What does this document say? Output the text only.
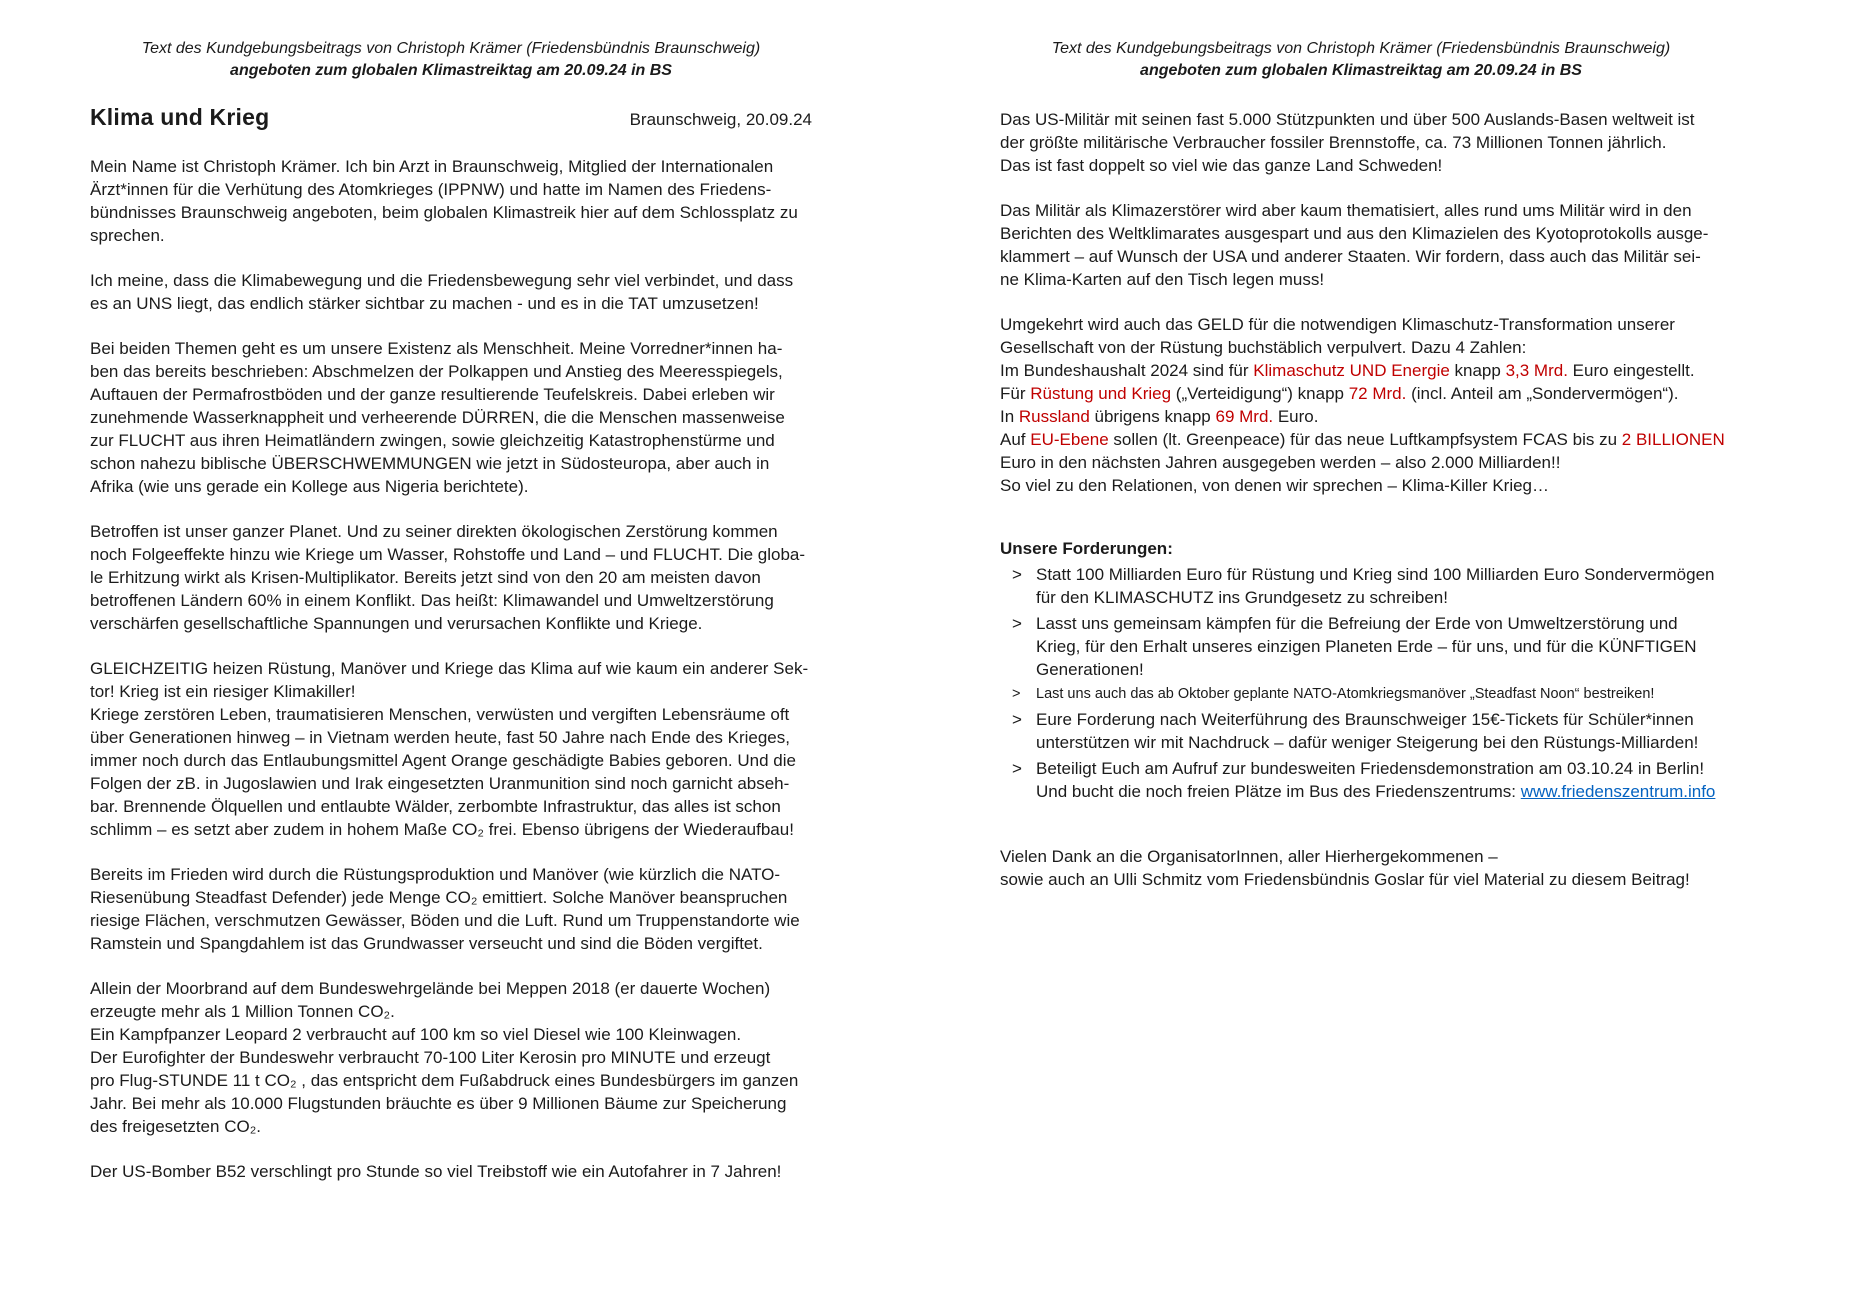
Text des Kundgebungsbeitrags von Christoph Krämer (Friedensbündnis Braunschweig)
angeboten zum globalen Klimastreiktag am 20.09.24 in BS
Klima und Krieg	Braunschweig, 20.09.24
Mein Name ist Christoph Krämer. Ich bin Arzt in Braunschweig, Mitglied der Internationalen
Ärzt*innen für die Verhütung des Atomkrieges (IPPNW) und hatte im Namen des Friedens-
bündnisses Braunschweig angeboten, beim globalen Klimastreik hier auf dem Schlossplatz zu
sprechen.
Ich meine, dass die Klimabewegung und die Friedensbewegung sehr viel verbindet, und dass
es an UNS liegt, das endlich stärker sichtbar zu machen - und es in die TAT umzusetzen!
Bei beiden Themen geht es um unsere Existenz als Menschheit. Meine Vorredner*innen ha-
ben das bereits beschrieben: Abschmelzen der Polkappen und Anstieg des Meeresspiegels,
Auftauen der Permafrostböden und der ganze resultierende Teufelskreis. Dabei erleben wir
zunehmende Wasserknappheit und verheerende DÜRREN, die die Menschen massenweise
zur FLUCHT aus ihren Heimatländern zwingen, sowie gleichzeitig Katastrophenstürme und
schon nahezu biblische ÜBERSCHWEMMUNGEN wie jetzt in Südosteuropa, aber auch in
Afrika (wie uns gerade ein Kollege aus Nigeria berichtete).
Betroffen ist unser ganzer Planet. Und zu seiner direkten ökologischen Zerstörung kommen
noch Folgeeffekte hinzu wie Kriege um Wasser, Rohstoffe und Land – und FLUCHT. Die globa-
le Erhitzung wirkt als Krisen-Multiplikator. Bereits jetzt sind von den 20 am meisten davon
betroffenen Ländern 60% in einem Konflikt. Das heißt: Klimawandel und Umweltzerstörung
verschärfen gesellschaftliche Spannungen und verursachen Konflikte und Kriege.
GLEICHZEITIG heizen Rüstung, Manöver und Kriege das Klima auf wie kaum ein anderer Sek-
tor! Krieg ist ein riesiger Klimakiller!
Kriege zerstören Leben, traumatisieren Menschen, verwüsten und vergiften Lebensräume oft
über Generationen hinweg – in Vietnam werden heute, fast 50 Jahre nach Ende des Krieges,
immer noch durch das Entlaubungsmittel Agent Orange geschädigte Babies geboren. Und die
Folgen der zB. in Jugoslawien und Irak eingesetzten Uranmunition sind noch garnicht abseh-
bar. Brennende Ölquellen und entlaubte Wälder, zerbombte Infrastruktur, das alles ist schon
schlimm – es setzt aber zudem in hohem Maße CO₂ frei. Ebenso übrigens der Wiederaufbau!
Bereits im Frieden wird durch die Rüstungsproduktion und Manöver (wie kürzlich die NATO-
Riesenübung Steadfast Defender) jede Menge CO₂ emittiert. Solche Manöver beanspruchen
riesige Flächen, verschmutzen Gewässer, Böden und die Luft. Rund um Truppenstandorte wie
Ramstein und Spangdahlem ist das Grundwasser verseucht und sind die Böden vergiftet.
Allein der Moorbrand auf dem Bundeswehrgelände bei Meppen 2018 (er dauerte Wochen)
erzeugte mehr als 1 Million Tonnen CO₂.
Ein Kampfpanzer Leopard 2 verbraucht auf 100 km so viel Diesel wie 100 Kleinwagen.
Der Eurofighter der Bundeswehr verbraucht 70-100 Liter Kerosin pro MINUTE und erzeugt
pro Flug-STUNDE 11 t CO₂ , das entspricht dem Fußabdruck eines Bundesbürgers im ganzen
Jahr. Bei mehr als 10.000 Flugstunden bräuchte es über 9 Millionen Bäume zur Speicherung
des freigesetzten CO₂.
Der US-Bomber B52 verschlingt pro Stunde so viel Treibstoff wie ein Autofahrer in 7 Jahren!
Text des Kundgebungsbeitrags von Christoph Krämer (Friedensbündnis Braunschweig)
angeboten zum globalen Klimastreiktag am 20.09.24 in BS
Das US-Militär mit seinen fast 5.000 Stützpunkten und über 500 Auslands-Basen weltweit ist
der größte militärische Verbraucher fossiler Brennstoffe, ca. 73 Millionen Tonnen jährlich.
Das ist fast doppelt so viel wie das ganze Land Schweden!
Das Militär als Klimazerstörer wird aber kaum thematisiert, alles rund ums Militär wird in den
Berichten des Weltklimarates ausgespart und aus den Klimazielen des Kyotoprotokolls ausge-
klammert – auf Wunsch der USA und anderer Staaten. Wir fordern, dass auch das Militär sei-
ne Klima-Karten auf den Tisch legen muss!
Umgekehrt wird auch das GELD für die notwendigen Klimaschutz-Transformation unserer
Gesellschaft von der Rüstung buchstäblich verpulvert. Dazu 4 Zahlen:
Im Bundeshaushalt 2024 sind für Klimaschutz UND Energie knapp 3,3 Mrd. Euro eingestellt.
Für Rüstung und Krieg („Verteidigung“) knapp 72 Mrd. (incl. Anteil am „Sondervermögen“).
In Russland übrigens knapp 69 Mrd. Euro.
Auf EU-Ebene sollen (lt. Greenpeace) für das neue Luftkampfsystem FCAS bis zu 2 BILLIONEN
Euro in den nächsten Jahren ausgegeben werden – also 2.000 Milliarden!!
So viel zu den Relationen, von denen wir sprechen – Klima-Killer Krieg…
Unsere Forderungen:
> Statt 100 Milliarden Euro für Rüstung und Krieg sind 100 Milliarden Euro Sondervermögen
für den KLIMASCHUTZ ins Grundgesetz zu schreiben!
> Lasst uns gemeinsam kämpfen für die Befreiung der Erde von Umweltzerstörung und
Krieg, für den Erhalt unseres einzigen Planeten Erde – für uns, und für die KÜNFTIGEN
Generationen!
>	Last uns auch das ab Oktober geplante NATO-Atomkriegsmanöver „Steadfast Noon“ bestreiken!
> Eure Forderung nach Weiterführung des Braunschweiger 15€-Tickets für Schüler*innen
unterstützen wir mit Nachdruck – dafür weniger Steigerung bei den Rüstungs-Milliarden!
> Beteiligt Euch am Aufruf zur bundesweiten Friedensdemonstration am 03.10.24 in Berlin!
Und bucht die noch freien Plätze im Bus des Friedenszentrums: www.friedenszentrum.info
Vielen Dank an die OrganisatorInnen, aller Hierhergekommenen –
sowie auch an Ulli Schmitz vom Friedensbündnis Goslar für viel Material zu diesem Beitrag!
